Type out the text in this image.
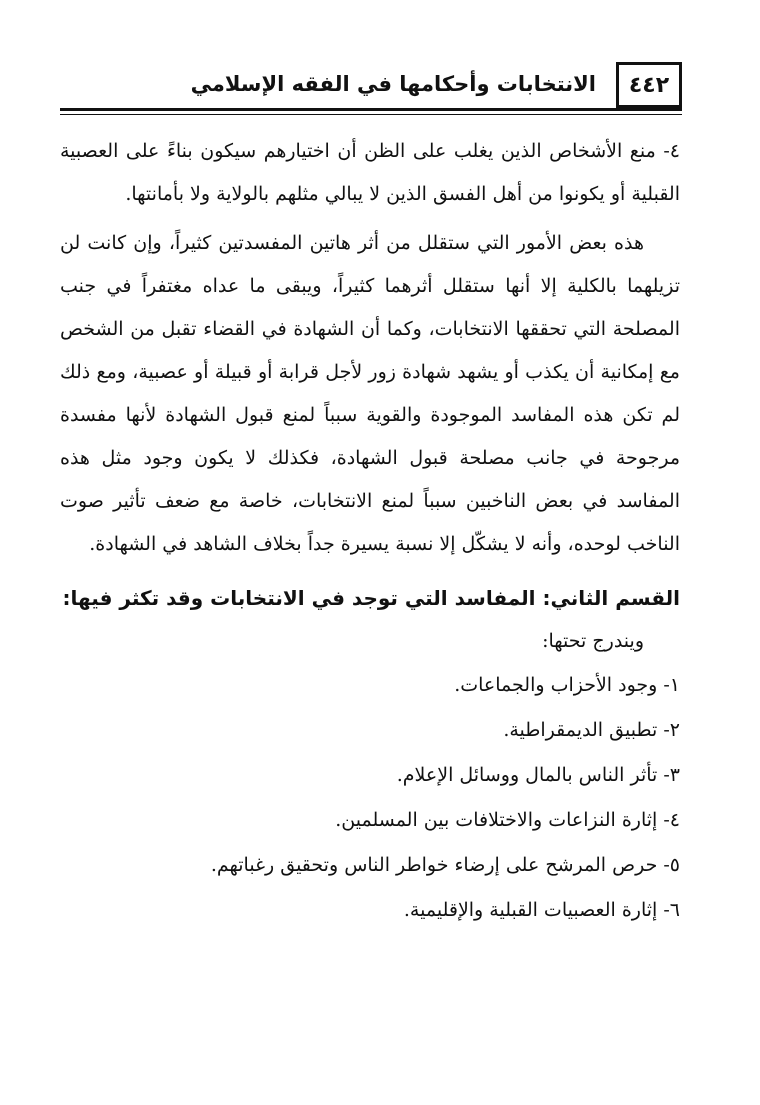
الانتخابات وأحكامها في الفقه الإسلامي	٤٤٢

٤- منع الأشخاص الذين يغلب على الظن أن اختيارهم سيكون بناءً على العصبية القبلية أو يكونوا من أهل الفسق الذين لا يبالي مثلهم بالولاية ولا بأمانتها.

هذه بعض الأمور التي ستقلل من أثر هاتين المفسدتين كثيراً، وإن كانت لن تزيلهما بالكلية إلا أنها ستقلل أثرهما كثيراً، ويبقى ما عداه مغتفراً في جنب المصلحة التي تحققها الانتخابات، وكما أن الشهادة في القضاء تقبل من الشخص مع إمكانية أن يكذب أو يشهد شهادة زور لأجل قرابة أو قبيلة أو عصبية، ومع ذلك لم تكن هذه المفاسد الموجودة والقوية سبباً لمنع قبول الشهادة لأنها مفسدة مرجوحة في جانب مصلحة قبول الشهادة، فكذلك لا يكون وجود مثل هذه المفاسد في بعض الناخبين سبباً لمنع الانتخابات، خاصة مع ضعف تأثير صوت الناخب لوحده، وأنه لا يشكّل إلا نسبة يسيرة جداً بخلاف الشاهد في الشهادة.

القسم الثاني: المفاسد التي توجد في الانتخابات وقد تكثر فيها:
ويندرج تحتها:
١- وجود الأحزاب والجماعات.
٢- تطبيق الديمقراطية.
٣- تأثر الناس بالمال ووسائل الإعلام.
٤- إثارة النزاعات والاختلافات بين المسلمين.
٥- حرص المرشح على إرضاء خواطر الناس وتحقيق رغباتهم.
٦- إثارة العصبيات القبلية والإقليمية.
